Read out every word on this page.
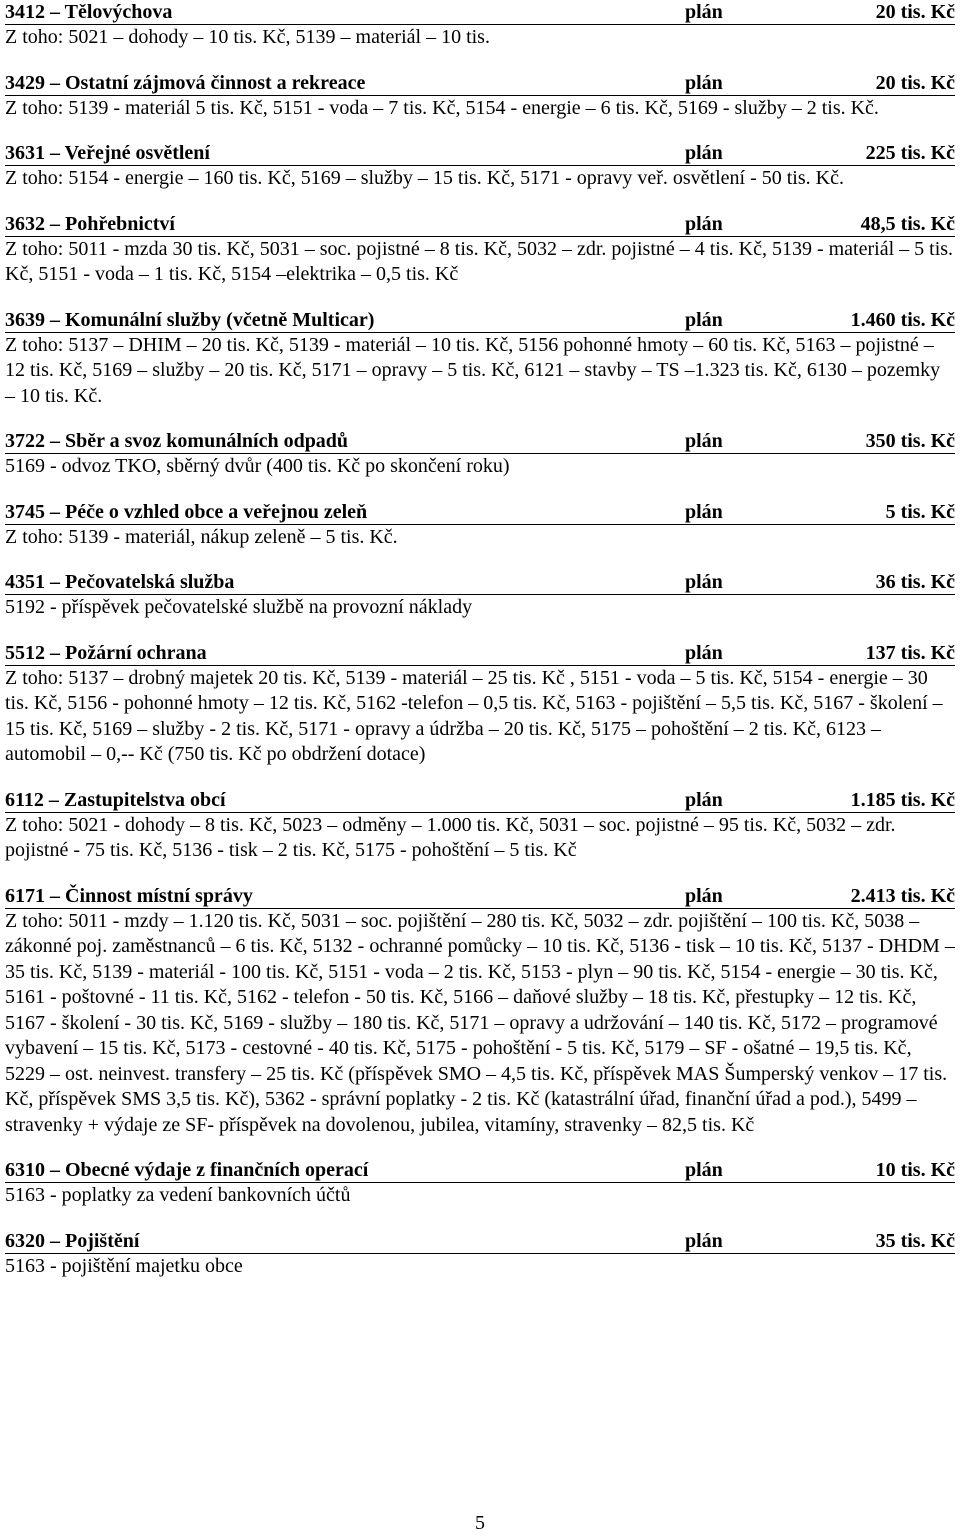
3412 – Tělovýchova	plán	20 tis. Kč
Z toho: 5021 – dohody – 10 tis. Kč, 5139 – materiál – 10 tis.
3429 – Ostatní zájmová činnost a rekreace	plán	20 tis. Kč
Z toho: 5139 - materiál 5 tis. Kč, 5151 - voda – 7 tis. Kč, 5154 - energie – 6 tis. Kč, 5169 - služby – 2 tis. Kč.
3631 – Veřejné osvětlení	plán	225 tis. Kč
Z toho: 5154 - energie – 160 tis. Kč, 5169 – služby – 15 tis. Kč, 5171 - opravy veř. osvětlení - 50 tis. Kč.
3632 – Pohřebnictví	plán	48,5 tis. Kč
Z toho: 5011 - mzda 30 tis. Kč, 5031 – soc. pojistné – 8 tis. Kč, 5032 – zdr. pojistné – 4 tis. Kč, 5139 - materiál – 5 tis. Kč, 5151 - voda – 1 tis. Kč, 5154 –elektrika – 0,5 tis. Kč
3639 – Komunální služby (včetně Multicar)	plán	1.460 tis. Kč
Z toho: 5137 – DHIM – 20 tis. Kč, 5139 - materiál – 10 tis. Kč, 5156 pohonné hmoty – 60 tis. Kč, 5163 – pojistné – 12 tis. Kč, 5169 – služby – 20 tis. Kč, 5171 – opravy – 5 tis. Kč, 6121 – stavby – TS –1.323 tis. Kč, 6130 – pozemky – 10 tis. Kč.
3722 – Sběr a svoz komunálních odpadů	plán	350 tis. Kč
5169 - odvoz TKO, sběrný dvůr (400 tis. Kč po skončení roku)
3745 – Péče o vzhled obce a veřejnou zeleň	plán	5 tis. Kč
Z toho: 5139 - materiál, nákup zeleně – 5 tis. Kč.
4351 – Pečovatelská služba	plán	36 tis. Kč
5192 - příspěvek pečovatelské službě na provozní náklady
5512 – Požární ochrana	plán	137 tis. Kč
Z toho: 5137 – drobný majetek 20 tis. Kč, 5139 - materiál – 25 tis. Kč , 5151 - voda – 5 tis. Kč, 5154 - energie – 30 tis. Kč, 5156 - pohonné hmoty – 12 tis. Kč, 5162 -telefon – 0,5 tis. Kč, 5163 - pojištění – 5,5 tis. Kč, 5167 - školení – 15 tis. Kč, 5169 – služby - 2 tis. Kč, 5171 - opravy a údržba – 20 tis. Kč, 5175 – pohoštění – 2 tis. Kč, 6123 – automobil – 0,-- Kč (750 tis. Kč po obdržení dotace)
6112 – Zastupitelstva obcí	plán	1.185 tis. Kč
Z toho: 5021 - dohody – 8 tis. Kč, 5023 – odměny – 1.000 tis. Kč, 5031 – soc. pojistné – 95 tis. Kč, 5032 – zdr. pojistné - 75 tis. Kč, 5136 - tisk – 2 tis. Kč, 5175 - pohoštění – 5 tis. Kč
6171 – Činnost místní správy	plán	2.413 tis. Kč
Z toho: 5011 - mzdy – 1.120 tis. Kč, 5031 – soc. pojištění – 280 tis. Kč, 5032 – zdr. pojištění – 100 tis. Kč, 5038 – zákonné poj. zaměstnanců – 6 tis. Kč, 5132 - ochranné pomůcky – 10 tis. Kč, 5136 - tisk – 10 tis. Kč, 5137 - DHDM – 35 tis. Kč, 5139 - materiál - 100 tis. Kč, 5151 - voda – 2 tis. Kč, 5153 - plyn – 90 tis. Kč, 5154 - energie – 30 tis. Kč, 5161 - poštovné - 11 tis. Kč, 5162 - telefon - 50 tis. Kč, 5166 – daňové služby – 18 tis. Kč, přestupky – 12 tis. Kč, 5167 - školení - 30 tis. Kč, 5169 - služby – 180 tis. Kč, 5171 – opravy a udržování – 140 tis. Kč, 5172 – programové vybavení – 15 tis. Kč, 5173 - cestovné - 40 tis. Kč, 5175 - pohoštění - 5 tis. Kč, 5179 – SF - ošatné – 19,5 tis. Kč, 5229 – ost. neinvest. transfery – 25 tis. Kč (příspěvek SMO – 4,5 tis. Kč, příspěvek MAS Šumperský venkov – 17 tis. Kč, příspěvek SMS 3,5 tis. Kč), 5362 - správní poplatky - 2 tis. Kč (katastrální úřad, finanční úřad a pod.), 5499 – stravenky + výdaje ze SF- příspěvek na dovolenou, jubilea, vitamíny, stravenky – 82,5 tis. Kč
6310 – Obecné výdaje z finančních operací	plán	10 tis. Kč
5163 - poplatky za vedení bankovních účtů
6320 – Pojištění	plán	35 tis. Kč
5163 - pojištění majetku obce
5
